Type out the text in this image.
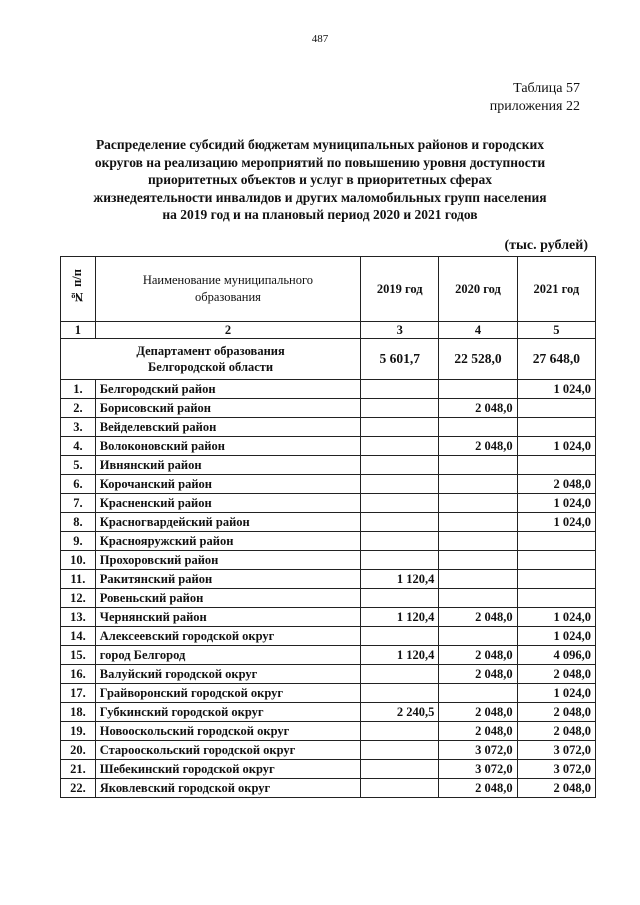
487
Таблица 57
приложения 22
Распределение субсидий бюджетам муниципальных районов и городских
округов на реализацию мероприятий по повышению уровня доступности
приоритетных объектов и услуг в приоритетных сферах
жизнедеятельности инвалидов и других маломобильных групп населения
на 2019 год и на плановый период 2020 и 2021 годов
(тыс. рублей)
№ п/п	Наименование муниципального
образования	2019 год	2020 год	2021 год
1	2	3	4	5

Департамент образования
Белгородской области		5 601,7	22 528,0	27 648,0
1.	Белгородский район			1 024,0
2.	Борисовский район		2 048,0	
3.	Вейделевский район			
4.	Волоконовский район		2 048,0	1 024,0
5.	Ивнянский район			
6.	Корочанский район			2 048,0
7.	Красненский район			1 024,0
8.	Красногвардейский район			1 024,0
9.	Краснояружский район			
10.	Прохоровский район			
11.	Ракитянский район	1 120,4		
12.	Ровеньский район			
13.	Чернянский район	1 120,4	2 048,0	1 024,0
14.	Алексеевский городской округ			1 024,0
15.	город Белгород	1 120,4	2 048,0	4 096,0
16.	Валуйский городской округ		2 048,0	2 048,0
17.	Грайворонский городской округ			1 024,0
18.	Губкинский городской округ	2 240,5	2 048,0	2 048,0
19.	Новооскольский городской округ		2 048,0	2 048,0
20.	Старооскольский городской округ		3 072,0	3 072,0
21.	Шебекинский городской округ		3 072,0	3 072,0
22.	Яковлевский городской округ		2 048,0	2 048,0
